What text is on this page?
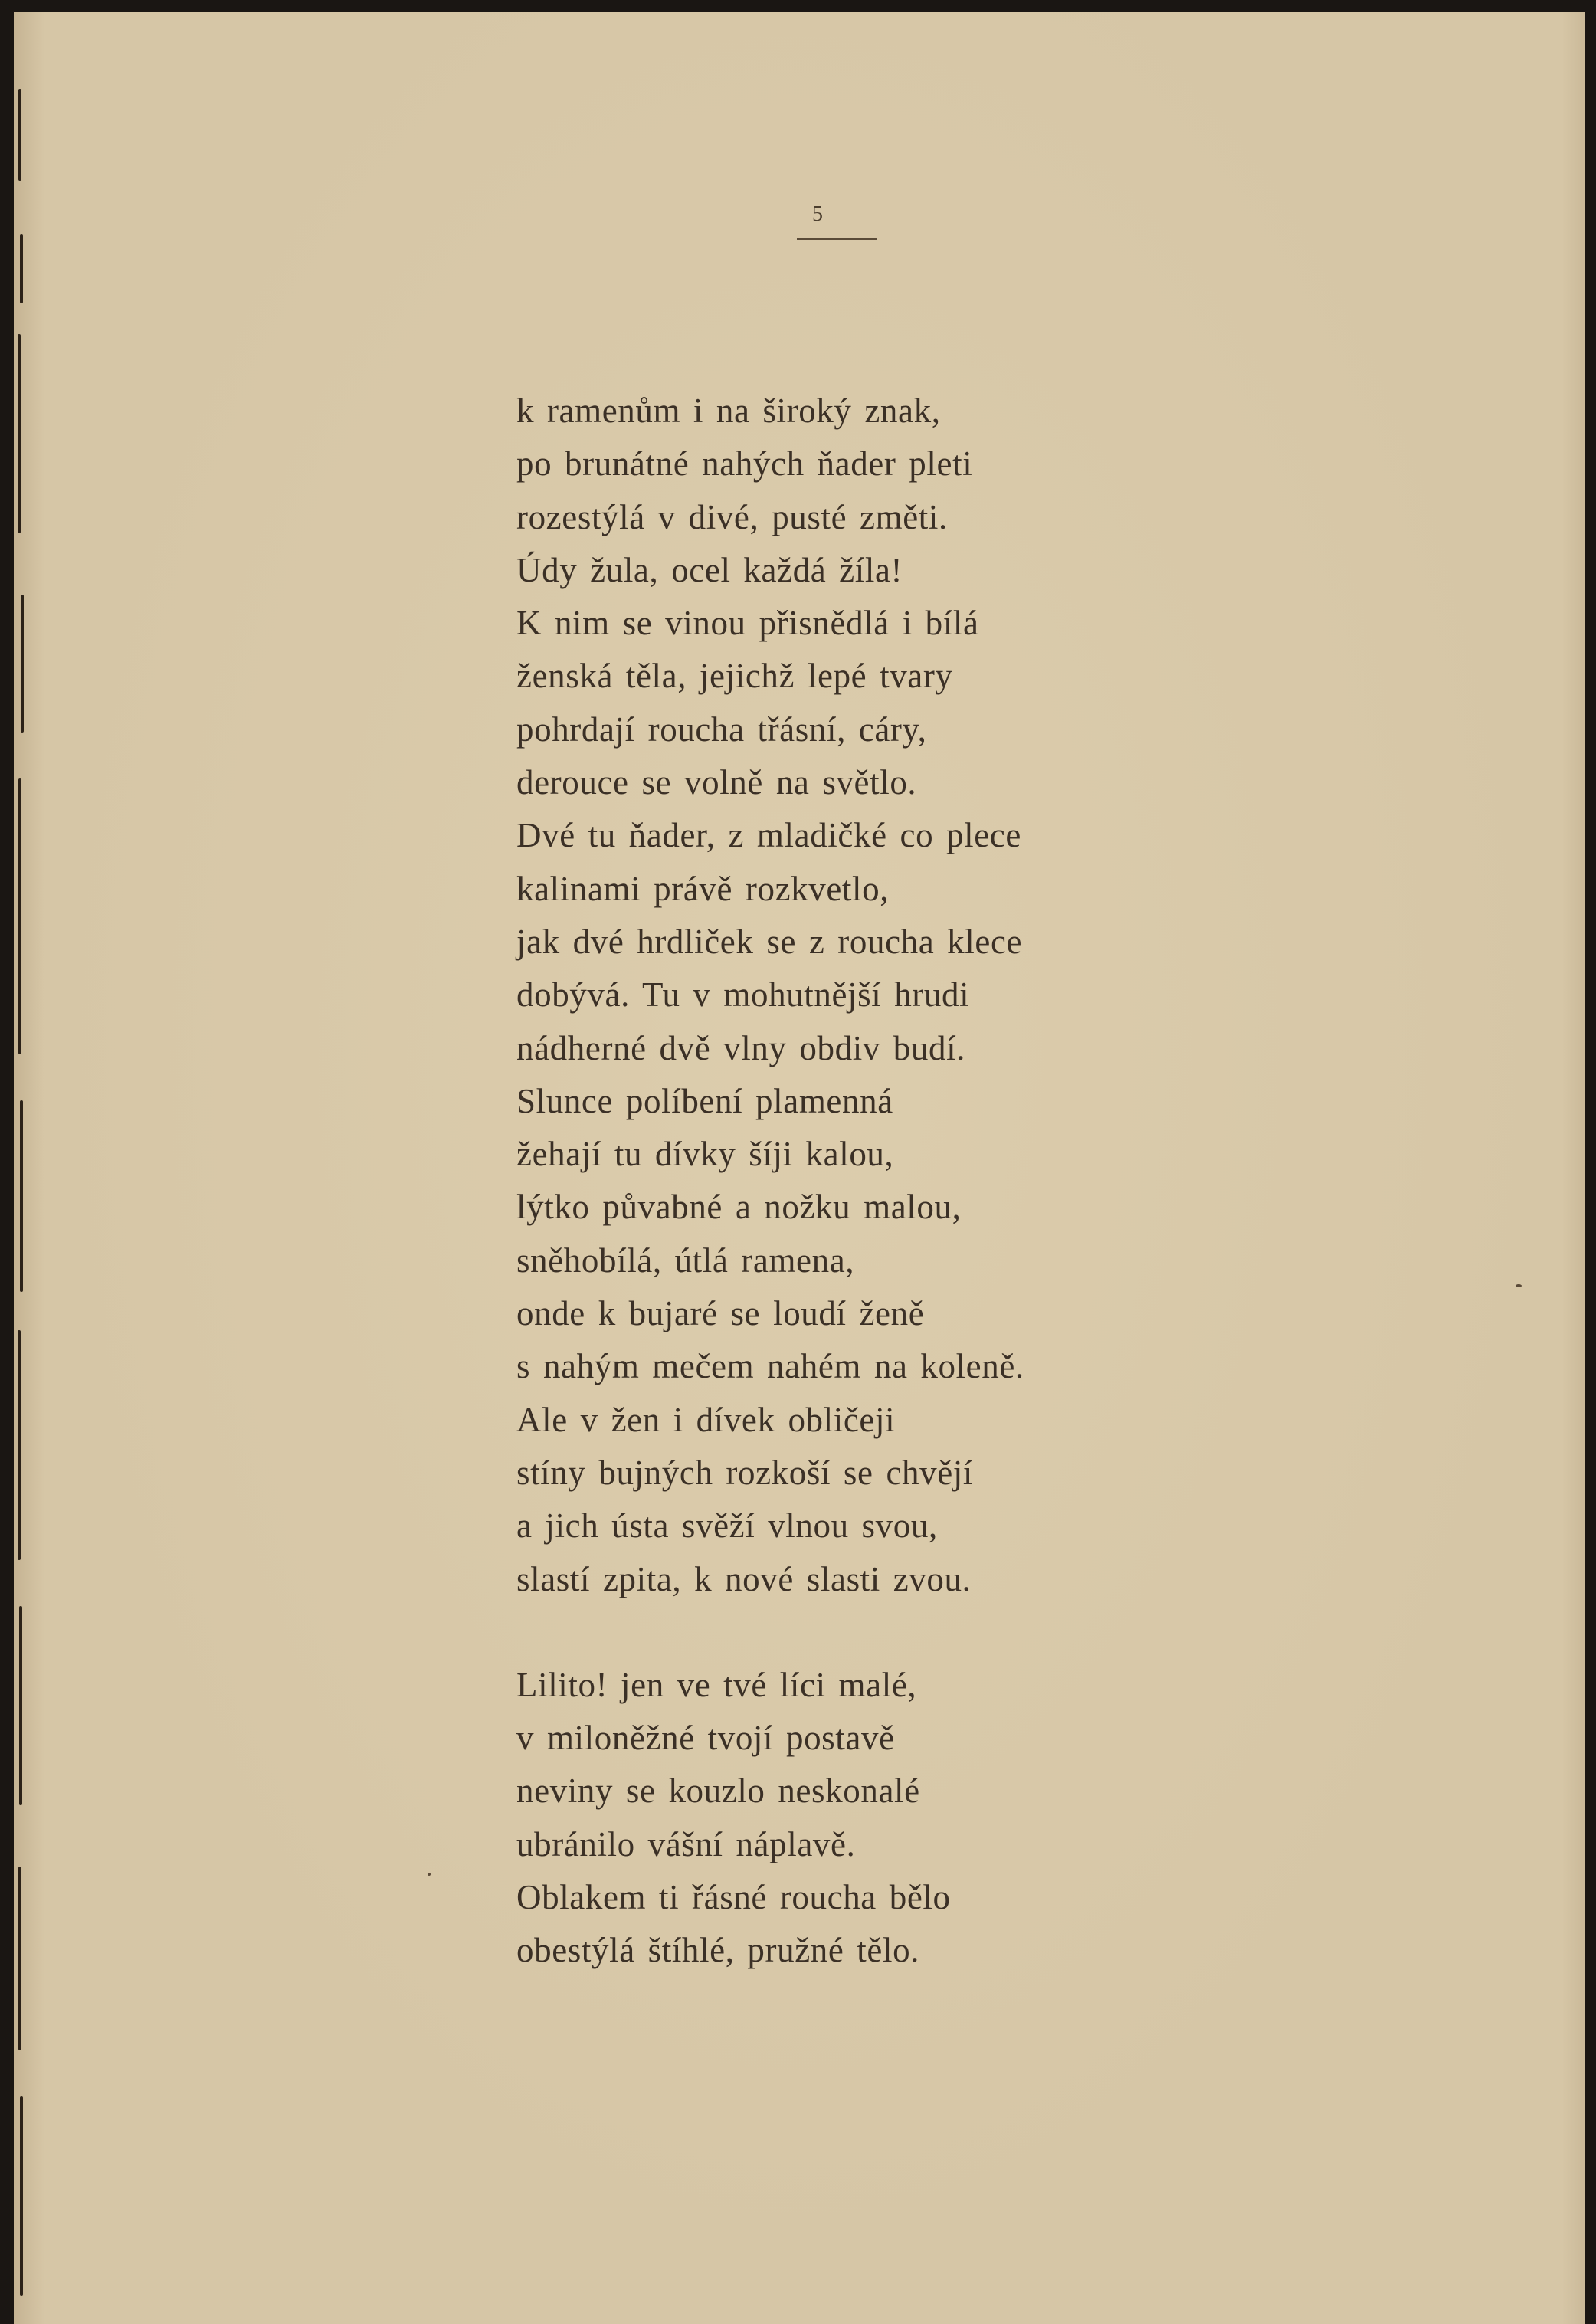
5
k ramenům i na široký znak,
po brunátné nahých ňader pleti
rozestýlá v divé, pusté změti.
Údy žula, ocel každá žíla!
K nim se vinou přisnědlá i bílá
ženská těla, jejichž lepé tvary
pohrdají roucha třásní, cáry,
derouce se volně na světlo.
Dvé tu ňader, z mladičké co plece
kalinami právě rozkvetlo,
jak dvé hrdliček se z roucha klece
dobývá. Tu v mohutnější hrudi
nádherné dvě vlny obdiv budí.
Slunce políbení plamenná
žehají tu dívky šíji kalou,
lýtko půvabné a nožku malou,
sněhobílá, útlá ramena,
onde k bujaré se loudí ženě
s nahým mečem nahém na koleně.
Ale v žen i dívek obličeji
stíny bujných rozkoší se chvějí
a jich ústa svěží vlnou svou,
slastí zpita, k nové slasti zvou.
Lilito! jen ve tvé líci malé,
v miloněžné tvojí postavě
neviny se kouzlo neskonalé
ubránilo vášní náplavě.
Oblakem ti řásné roucha bělo
obestýlá štíhlé, pružné tělo.
